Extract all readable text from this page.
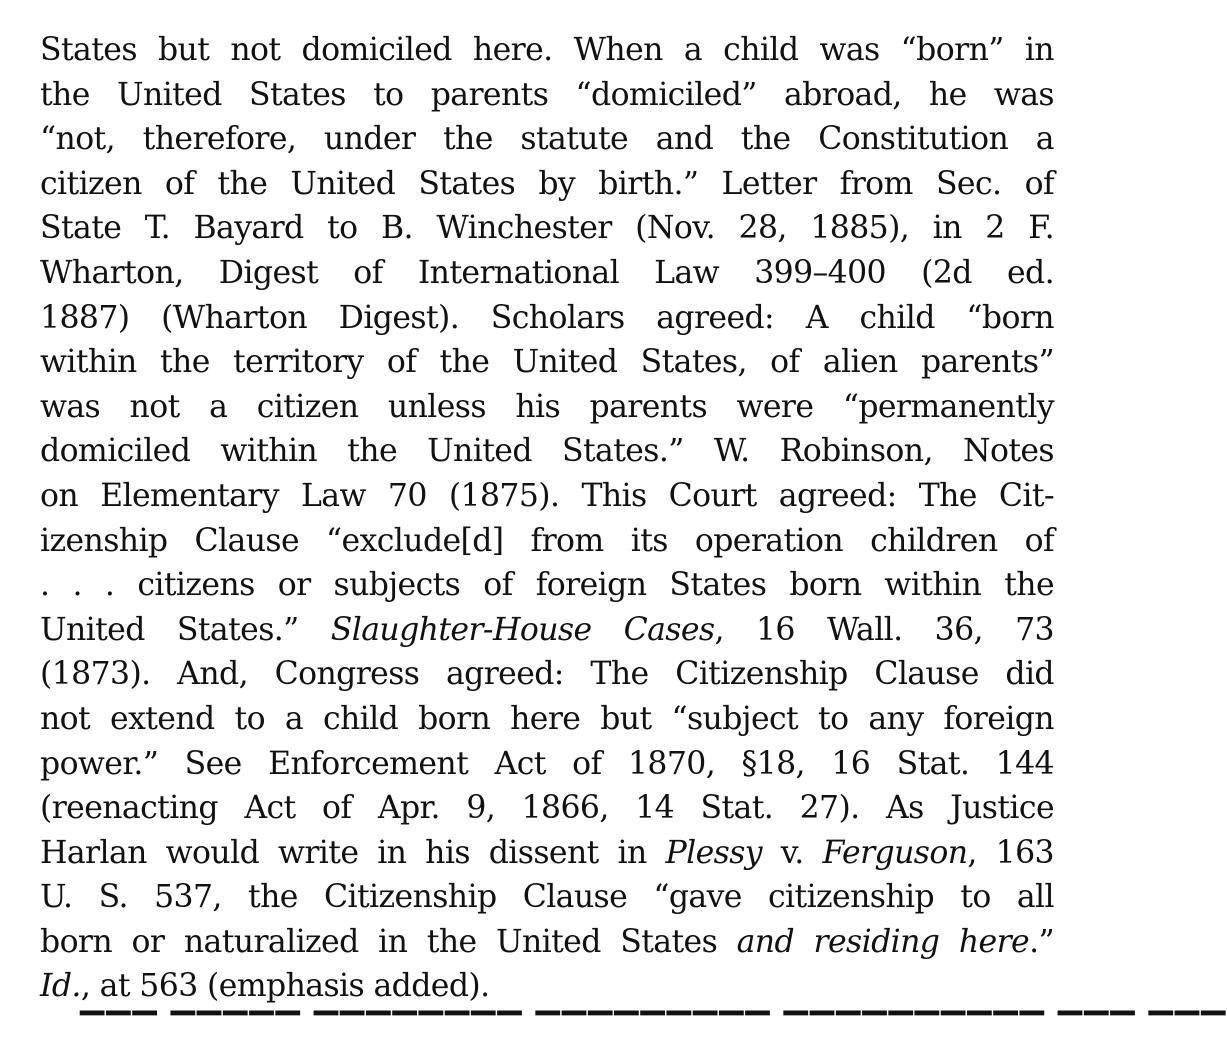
States but not domiciled here. When a child was “born” in
the United States to parents “domiciled” abroad, he was
“not, therefore, under the statute and the Constitution a
citizen of the United States by birth.” Letter from Sec. of
State T. Bayard to B. Winchester (Nov. 28, 1885), in 2 F.
Wharton, Digest of International Law 399–400 (2d ed.
1887) (Wharton Digest). Scholars agreed: A child “born
within the territory of the United States, of alien parents”
was not a citizen unless his parents were “permanently
domiciled within the United States.” W. Robinson, Notes
on Elementary Law 70 (1875). This Court agreed: The Cit-
izenship Clause “exclude[d] from its operation children of
. . . citizens or subjects of foreign States born within the
United States.” Slaughter-House Cases, 16 Wall. 36, 73
(1873). And, Congress agreed: The Citizenship Clause did
not extend to a child born here but “subject to any foreign
power.” See Enforcement Act of 1870, §18, 16 Stat. 144
(reenacting Act of Apr. 9, 1866, 14 Stat. 27). As Justice
Harlan would write in his dissent in Plessy v. Ferguson, 163
U. S. 537, the Citizenship Clause “gave citizenship to all
born or naturalized in the United States and residing here.”
Id., at 563 (emphasis added).
▔▔▔ ▔▔▔▔▔ ▔▔▔▔▔▔▔▔ ▔▔▔▔▔▔▔▔▔ ▔▔▔▔▔▔▔▔▔▔ ▔▔▔ ▔▔▔
